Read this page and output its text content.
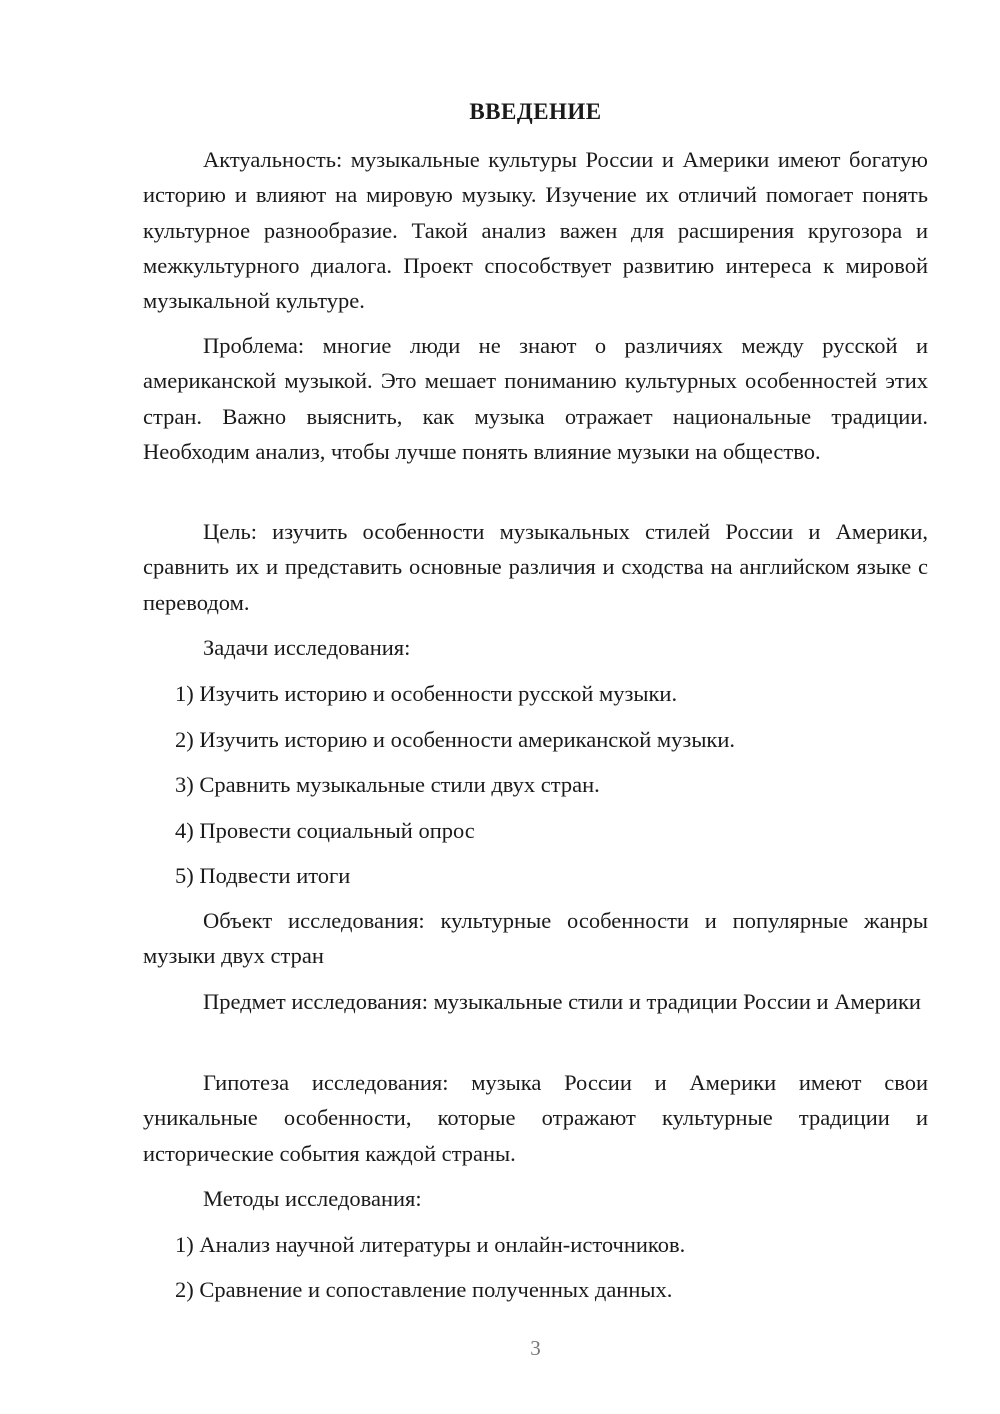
ВВЕДЕНИЕ

Актуальность: музыкальные культуры России и Америки имеют богатую историю и влияют на мировую музыку. Изучение их отличий помогает понять культурное разнообразие. Такой анализ важен для расширения кругозора и межкультурного диалога. Проект способствует развитию интереса к мировой музыкальной культуре.

Проблема: многие люди не знают о различиях между русской и американской музыкой. Это мешает пониманию культурных особенностей этих стран. Важно выяснить, как музыка отражает национальные традиции. Необходим анализ, чтобы лучше понять влияние музыки на общество.

Цель: изучить особенности музыкальных стилей России и Америки, сравнить их и представить основные различия и сходства на английском языке с переводом.

Задачи исследования:

1) Изучить историю и особенности русской музыки.

2) Изучить историю и особенности американской музыки.

3) Сравнить музыкальные стили двух стран.

4) Провести социальный опрос

5) Подвести итоги

Объект исследования: культурные особенности и популярные жанры музыки двух стран

Предмет исследования: музыкальные стили и традиции России и Америки

Гипотеза исследования: музыка России и Америки имеют свои уникальные особенности, которые отражают культурные традиции и исторические события каждой страны.

Методы исследования:

1) Анализ научной литературы и онлайн-источников.

2) Сравнение и сопоставление полученных данных.

3
